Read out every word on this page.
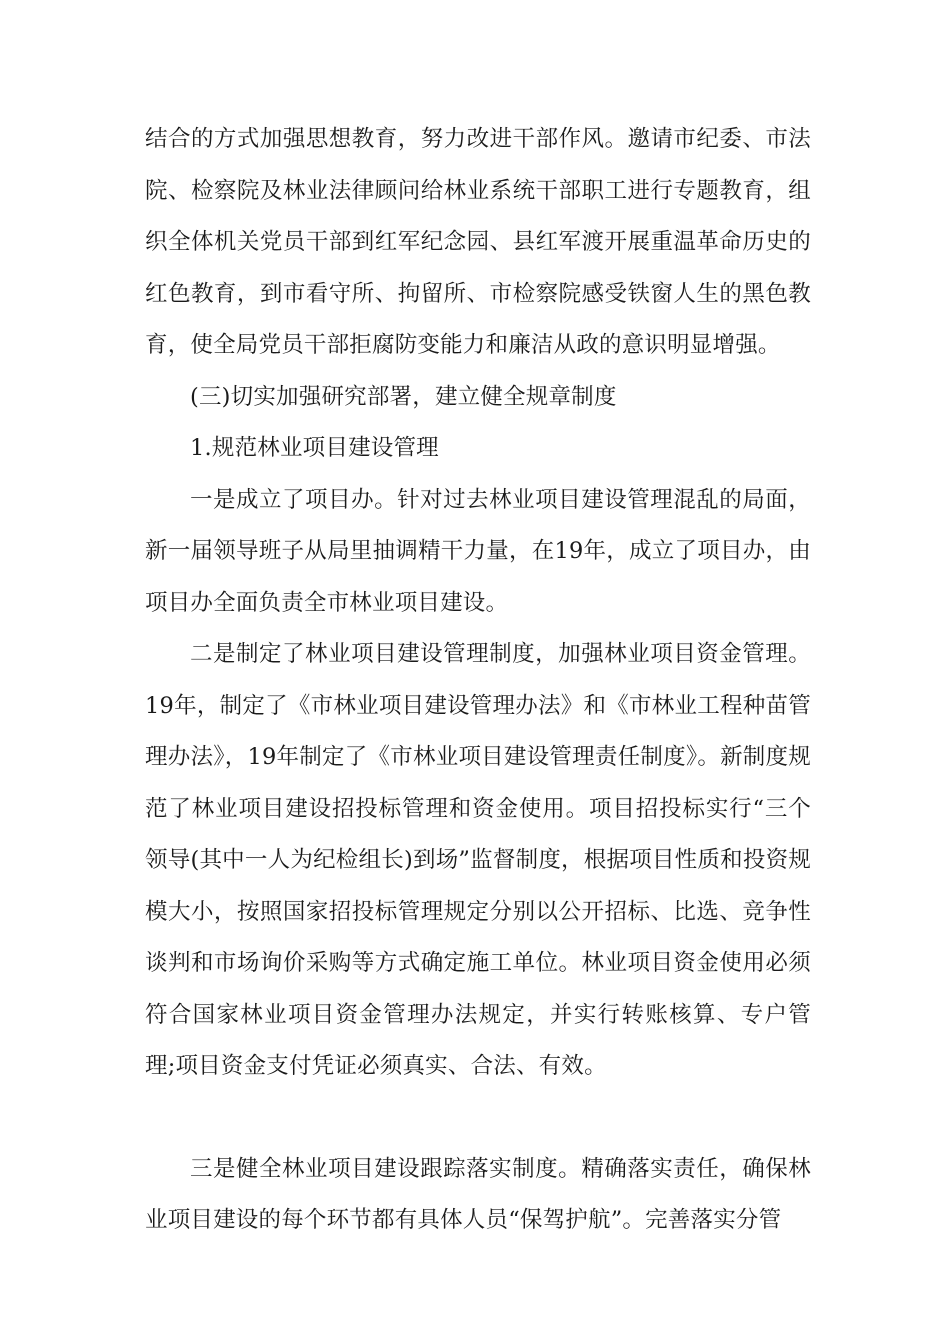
结合的方式加强思想教育，努力改进干部作风。邀请市纪委、市法院、检察院及林业法律顾问给林业系统干部职工进行专题教育，组织全体机关党员干部到红军纪念园、县红军渡开展重温革命历史的红色教育，到市看守所、拘留所、市检察院感受铁窗人生的黑色教育，使全局党员干部拒腐防变能力和廉洁从政的意识明显增强。

(三)切实加强研究部署，建立健全规章制度

1.规范林业项目建设管理

一是成立了项目办。针对过去林业项目建设管理混乱的局面，新一届领导班子从局里抽调精干力量，在19年，成立了项目办，由项目办全面负责全市林业项目建设。

二是制定了林业项目建设管理制度，加强林业项目资金管理。19年，制定了《市林业项目建设管理办法》和《市林业工程种苗管理办法》，19年制定了《市林业项目建设管理责任制度》。新制度规范了林业项目建设招投标管理和资金使用。项目招投标实行“三个领导(其中一人为纪检组长)到场”监督制度，根据项目性质和投资规模大小，按照国家招投标管理规定分别以公开招标、比选、竞争性谈判和市场询价采购等方式确定施工单位。林业项目资金使用必须符合国家林业项目资金管理办法规定，并实行转账核算、专户管理;项目资金支付凭证必须真实、合法、有效。

三是健全林业项目建设跟踪落实制度。精确落实责任，确保林业项目建设的每个环节都有具体人员“保驾护航”。完善落实分管
